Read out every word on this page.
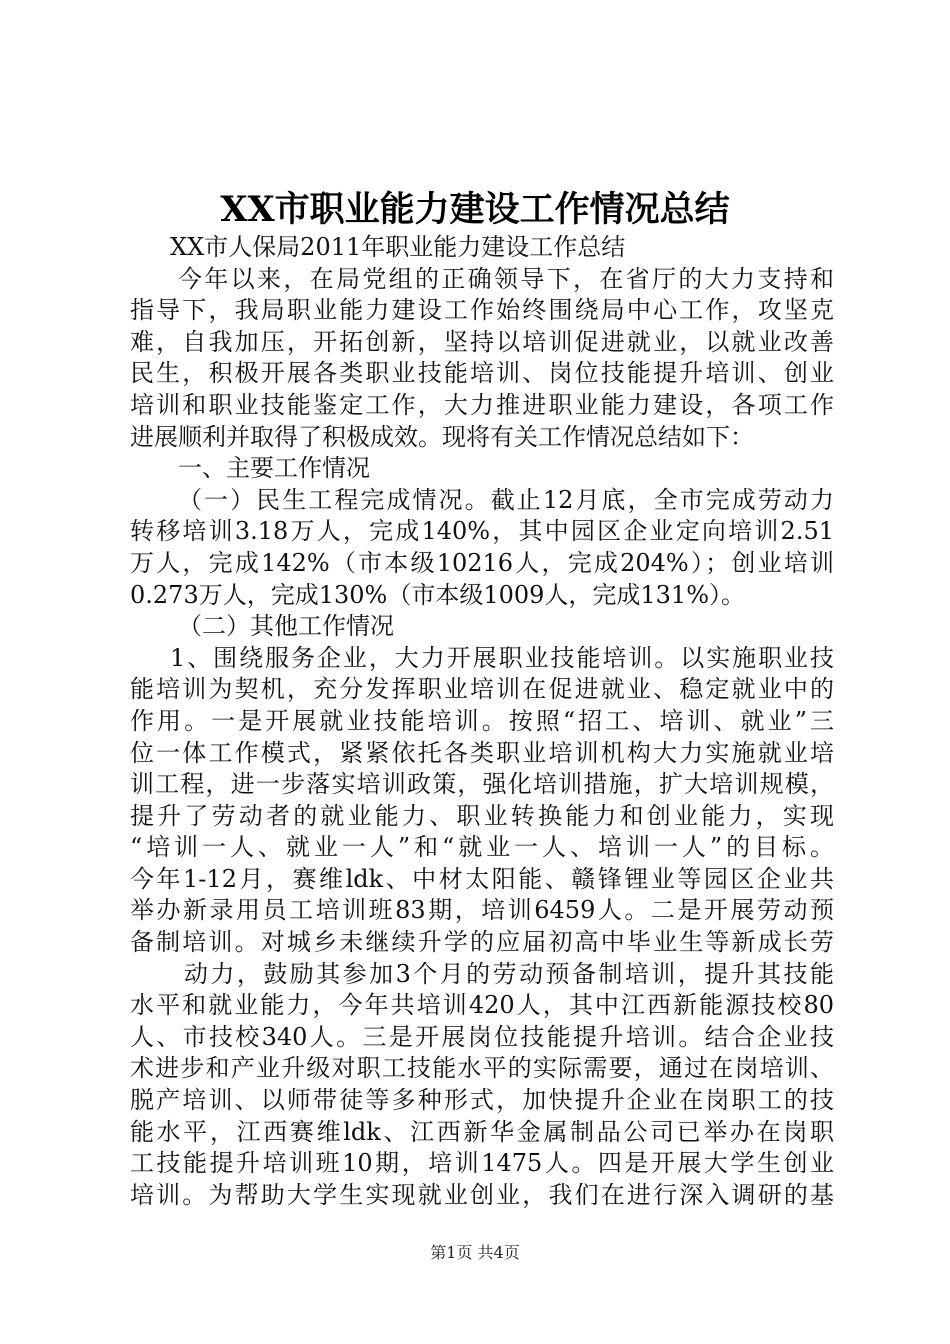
XX市职业能力建设工作情况总结
XX市人保局2011年职业能力建设工作总结
今年以来，在局党组的正确领导下，在省厅的大力支持和
指导下，我局职业能力建设工作始终围绕局中心工作，攻坚克
难，自我加压，开拓创新，坚持以培训促进就业，以就业改善
民生，积极开展各类职业技能培训、岗位技能提升培训、创业
培训和职业技能鉴定工作，大力推进职业能力建设，各项工作
进展顺利并取得了积极成效。现将有关工作情况总结如下：
一、主要工作情况
（一）民生工程完成情况。截止12月底，全市完成劳动力
转移培训3.18万人，完成140%，其中园区企业定向培训2.51
万人，完成142%（市本级10216人，完成204%）；创业培训
0.273万人，完成130%（市本级1009人，完成131%）。
（二）其他工作情况
1、围绕服务企业，大力开展职业技能培训。以实施职业技
能培训为契机，充分发挥职业培训在促进就业、稳定就业中的
作用。一是开展就业技能培训。按照“招工、培训、就业”三
位一体工作模式，紧紧依托各类职业培训机构大力实施就业培
训工程，进一步落实培训政策，强化培训措施，扩大培训规模，
提升了劳动者的就业能力、职业转换能力和创业能力，实现
“培训一人、就业一人”和“就业一人、培训一人”的目标。
今年1-12月，赛维ldk、中材太阳能、赣锋锂业等园区企业共
举办新录用员工培训班83期，培训6459人。二是开展劳动预
备制培训。对城乡未继续升学的应届初高中毕业生等新成长劳
动力，鼓励其参加3个月的劳动预备制培训，提升其技能
水平和就业能力，今年共培训420人，其中江西新能源技校80
人、市技校340人。三是开展岗位技能提升培训。结合企业技
术进步和产业升级对职工技能水平的实际需要，通过在岗培训、
脱产培训、以师带徒等多种形式，加快提升企业在岗职工的技
能水平，江西赛维ldk、江西新华金属制品公司已举办在岗职
工技能提升培训班10期，培训1475人。四是开展大学生创业
培训。为帮助大学生实现就业创业，我们在进行深入调研的基
第1页 共4页
